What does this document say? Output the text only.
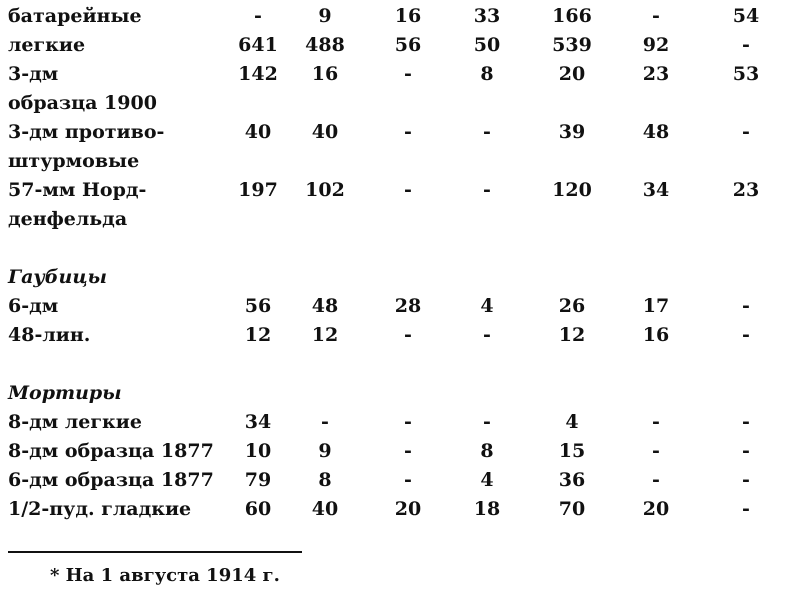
батарейные	-	9	16	33	166	-	54
легкие	641	488	56	50	539	92	-
3-дм	142	16	-	8	20	23	53
образца 1900
3-дм противо-	40	40	-	-	39	48	-
штурмовые
57-мм Норд-	197	102	-	-	120	34	23
денфельда
Гаубицы
6-дм	56	48	28	4	26	17	-
48-лин.	12	12	-	-	12	16	-
Мортиры
8-дм легкие	34	-	-	-	4	-	-
8-дм образца 1877	10	9	-	8	15	-	-
6-дм образца 1877	79	8	-	4	36	-	-
1/2-пуд. гладкие	60	40	20	18	70	20	-
* На 1 августа 1914 г.
